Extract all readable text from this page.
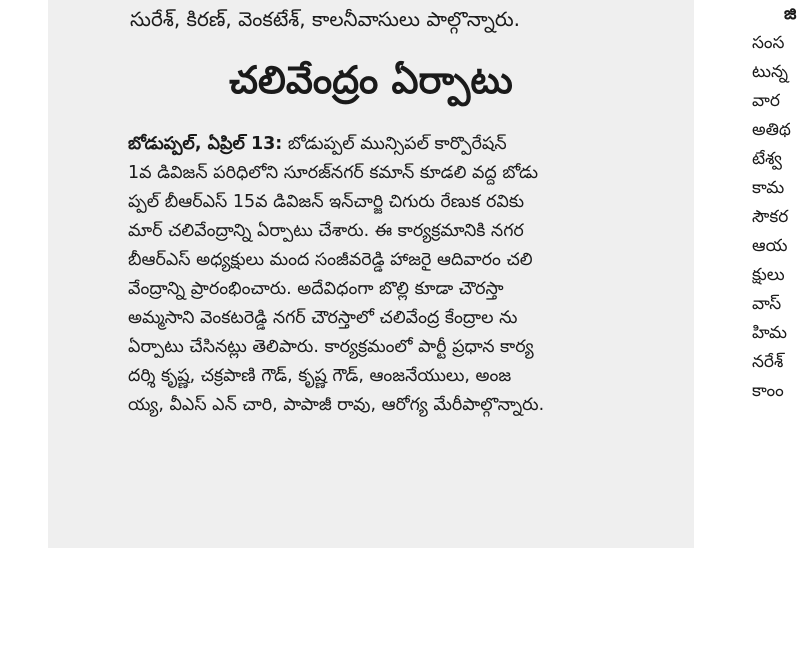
సురేశ్‌, కిరణ్‌, వెంకటేశ్‌, కాలనీవాసులు పాల్గొన్నారు.
చలివేంద్రం ఏర్పాటు
బోడుప్పల్‌, ఏప్రిల్‌ 13: బోడుప్పల్‌ మున్సిపల్‌ కార్పొరేషన్‌
1వ డివిజన్‌ పరిధిలోని సూరజ్‌నగర్‌ కమాన్‌ కూడలి వద్ద బోడు
ప్పల్‌ బీఆర్‌ఎస్‌ 15వ డివిజన్‌ ఇన్‌చార్జి చిగురు రేణుక రవికు
మార్‌ చలివేంద్రాన్ని ఏర్పాటు చేశారు. ఈ కార్యక్రమానికి నగర
బీఆర్‌ఎస్‌ అధ్యక్షులు మంద సంజీవరెడ్డి హాజరై ఆదివారం చలి
వేంద్రాన్ని ప్రారంభించారు. అదేవిధంగా బొల్లి కూడా చౌరస్తా
అమ్మసాని వెంకటరెడ్డి నగర్‌ చౌరస్తాలో చలివేంద్ర కేంద్రాల ను
ఏర్పాటు చేసినట్లు తెలిపారు. కార్యక్రమంలో పార్టీ ప్రధాన కార్య
దర్శి కృష్ణ, చక్రపాణి గౌడ్‌, కృష్ణ గౌడ్‌, ఆంజనేయులు, అంజ
య్య, వీఎస్‌ ఎన్‌ చారి, పాపాజీ రావు, ఆరోగ్య మేరీపాల్గొన్నారు.
జి
సంస
టున్న
వార
అతిథ
టేశ్వ
కామ
సౌకర
ఆయ
క్షులు
వాస్
హిమ
నరేశ్‌
కాంం
